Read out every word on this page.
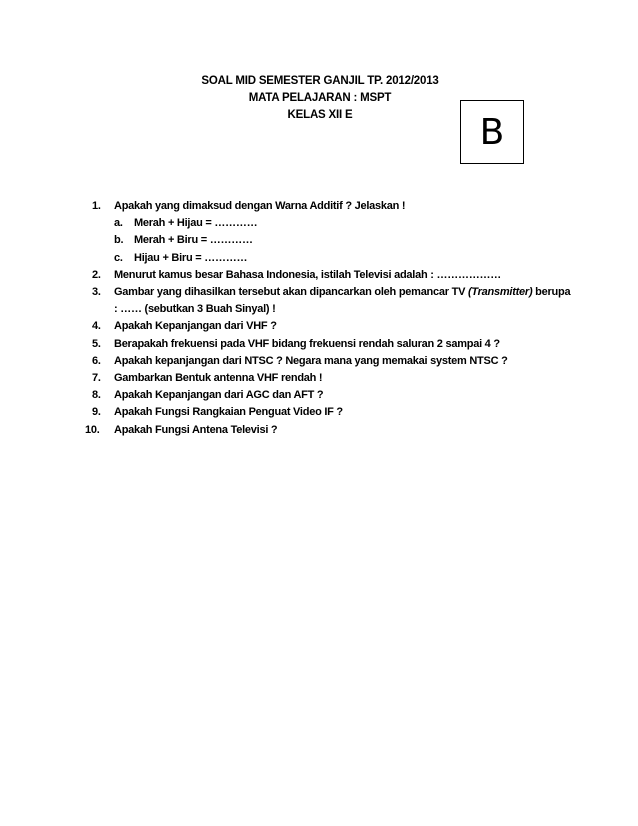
SOAL MID SEMESTER GANJIL TP. 2012/2013
MATA PELAJARAN : MSPT
KELAS XII E	B
1. Apakah yang dimaksud dengan Warna Additif ? Jelaskan !
a. Merah + Hijau = …………
b. Merah + Biru = …………
c. Hijau + Biru = …………
2. Menurut kamus besar Bahasa Indonesia, istilah Televisi adalah : ………………
3. Gambar yang dihasilkan tersebut akan dipancarkan oleh pemancar TV (Transmitter) berupa
: …… (sebutkan 3 Buah Sinyal) !
4. Apakah Kepanjangan dari VHF ?
5. Berapakah frekuensi pada VHF bidang frekuensi rendah saluran 2 sampai 4 ?
6. Apakah kepanjangan dari NTSC ? Negara mana yang memakai system NTSC ?
7. Gambarkan Bentuk antenna VHF rendah !
8. Apakah Kepanjangan dari AGC dan AFT ?
9. Apakah Fungsi Rangkaian Penguat Video IF ?
10. Apakah Fungsi Antena Televisi ?
